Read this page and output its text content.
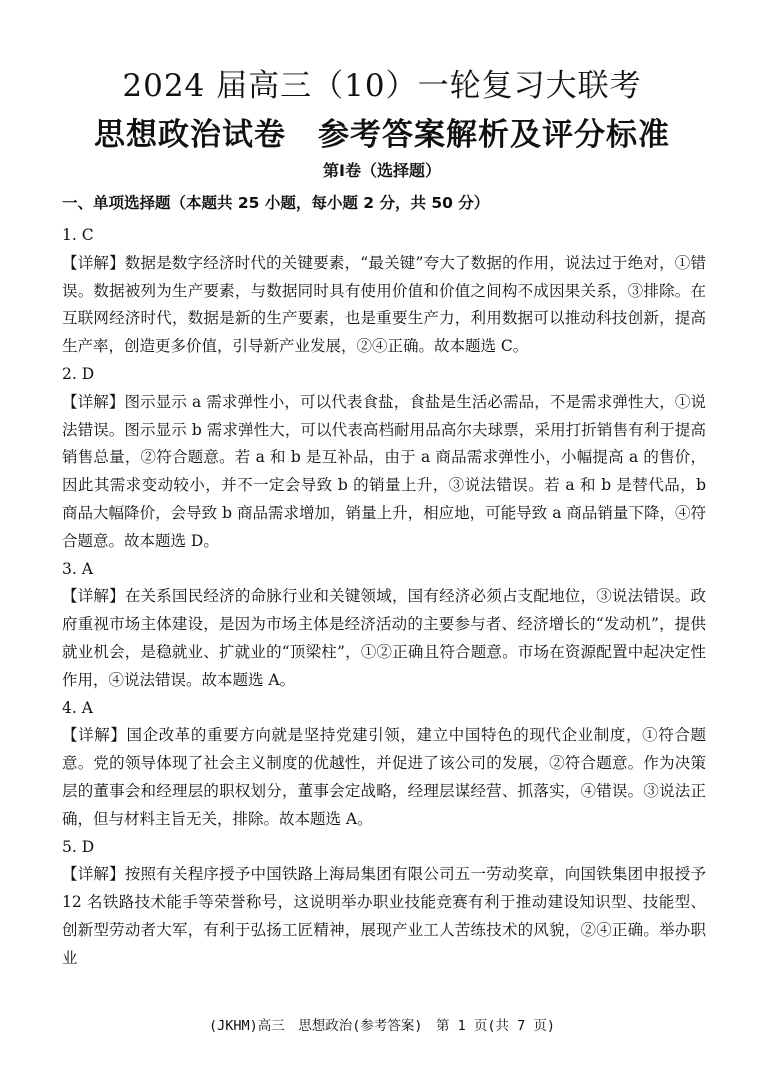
2024 届高三（10）一轮复习大联考
思想政治试卷　参考答案解析及评分标准
第Ⅰ卷（选择题）
一、单项选择题（本题共 25 小题，每小题 2 分，共 50 分）

1. C

【详解】数据是数字经济时代的关键要素，“最关键”夸大了数据的作用，说法过于绝对，①错误。数据被列为生产要素，与数据同时具有使用价值和价值之间构不成因果关系，③排除。在互联网经济时代，数据是新的生产要素，也是重要生产力，利用数据可以推动科技创新，提高生产率，创造更多价值，引导新产业发展，②④正确。故本题选 C。

2. D

【详解】图示显示 a 需求弹性小，可以代表食盐，食盐是生活必需品，不是需求弹性大，①说法错误。图示显示 b 需求弹性大，可以代表高档耐用品高尔夫球票，采用打折销售有利于提高销售总量，②符合题意。若 a 和 b 是互补品，由于 a 商品需求弹性小，小幅提高 a 的售价，因此其需求变动较小，并不一定会导致 b 的销量上升，③说法错误。若 a 和 b 是替代品，b 商品大幅降价，会导致 b 商品需求增加，销量上升，相应地，可能导致 a 商品销量下降，④符合题意。故本题选 D。

3. A

【详解】在关系国民经济的命脉行业和关键领域，国有经济必须占支配地位，③说法错误。政府重视市场主体建设，是因为市场主体是经济活动的主要参与者、经济增长的“发动机”，提供就业机会，是稳就业、扩就业的“顶梁柱”，①②正确且符合题意。市场在资源配置中起决定性作用，④说法错误。故本题选 A。

4. A

【详解】国企改革的重要方向就是坚持党建引领，建立中国特色的现代企业制度，①符合题意。党的领导体现了社会主义制度的优越性，并促进了该公司的发展，②符合题意。作为决策层的董事会和经理层的职权划分，董事会定战略，经理层谋经营、抓落实，④错误。③说法正确，但与材料主旨无关，排除。故本题选 A。

5. D

【详解】按照有关程序授予中国铁路上海局集团有限公司五一劳动奖章，向国铁集团申报授予 12 名铁路技术能手等荣誉称号，这说明举办职业技能竞赛有利于推动建设知识型、技能型、创新型劳动者大军，有利于弘扬工匠精神，展现产业工人苦练技术的风貌，②④正确。举办职业

(JKHM)高三　思想政治(参考答案)　第 1 页(共 7 页)
